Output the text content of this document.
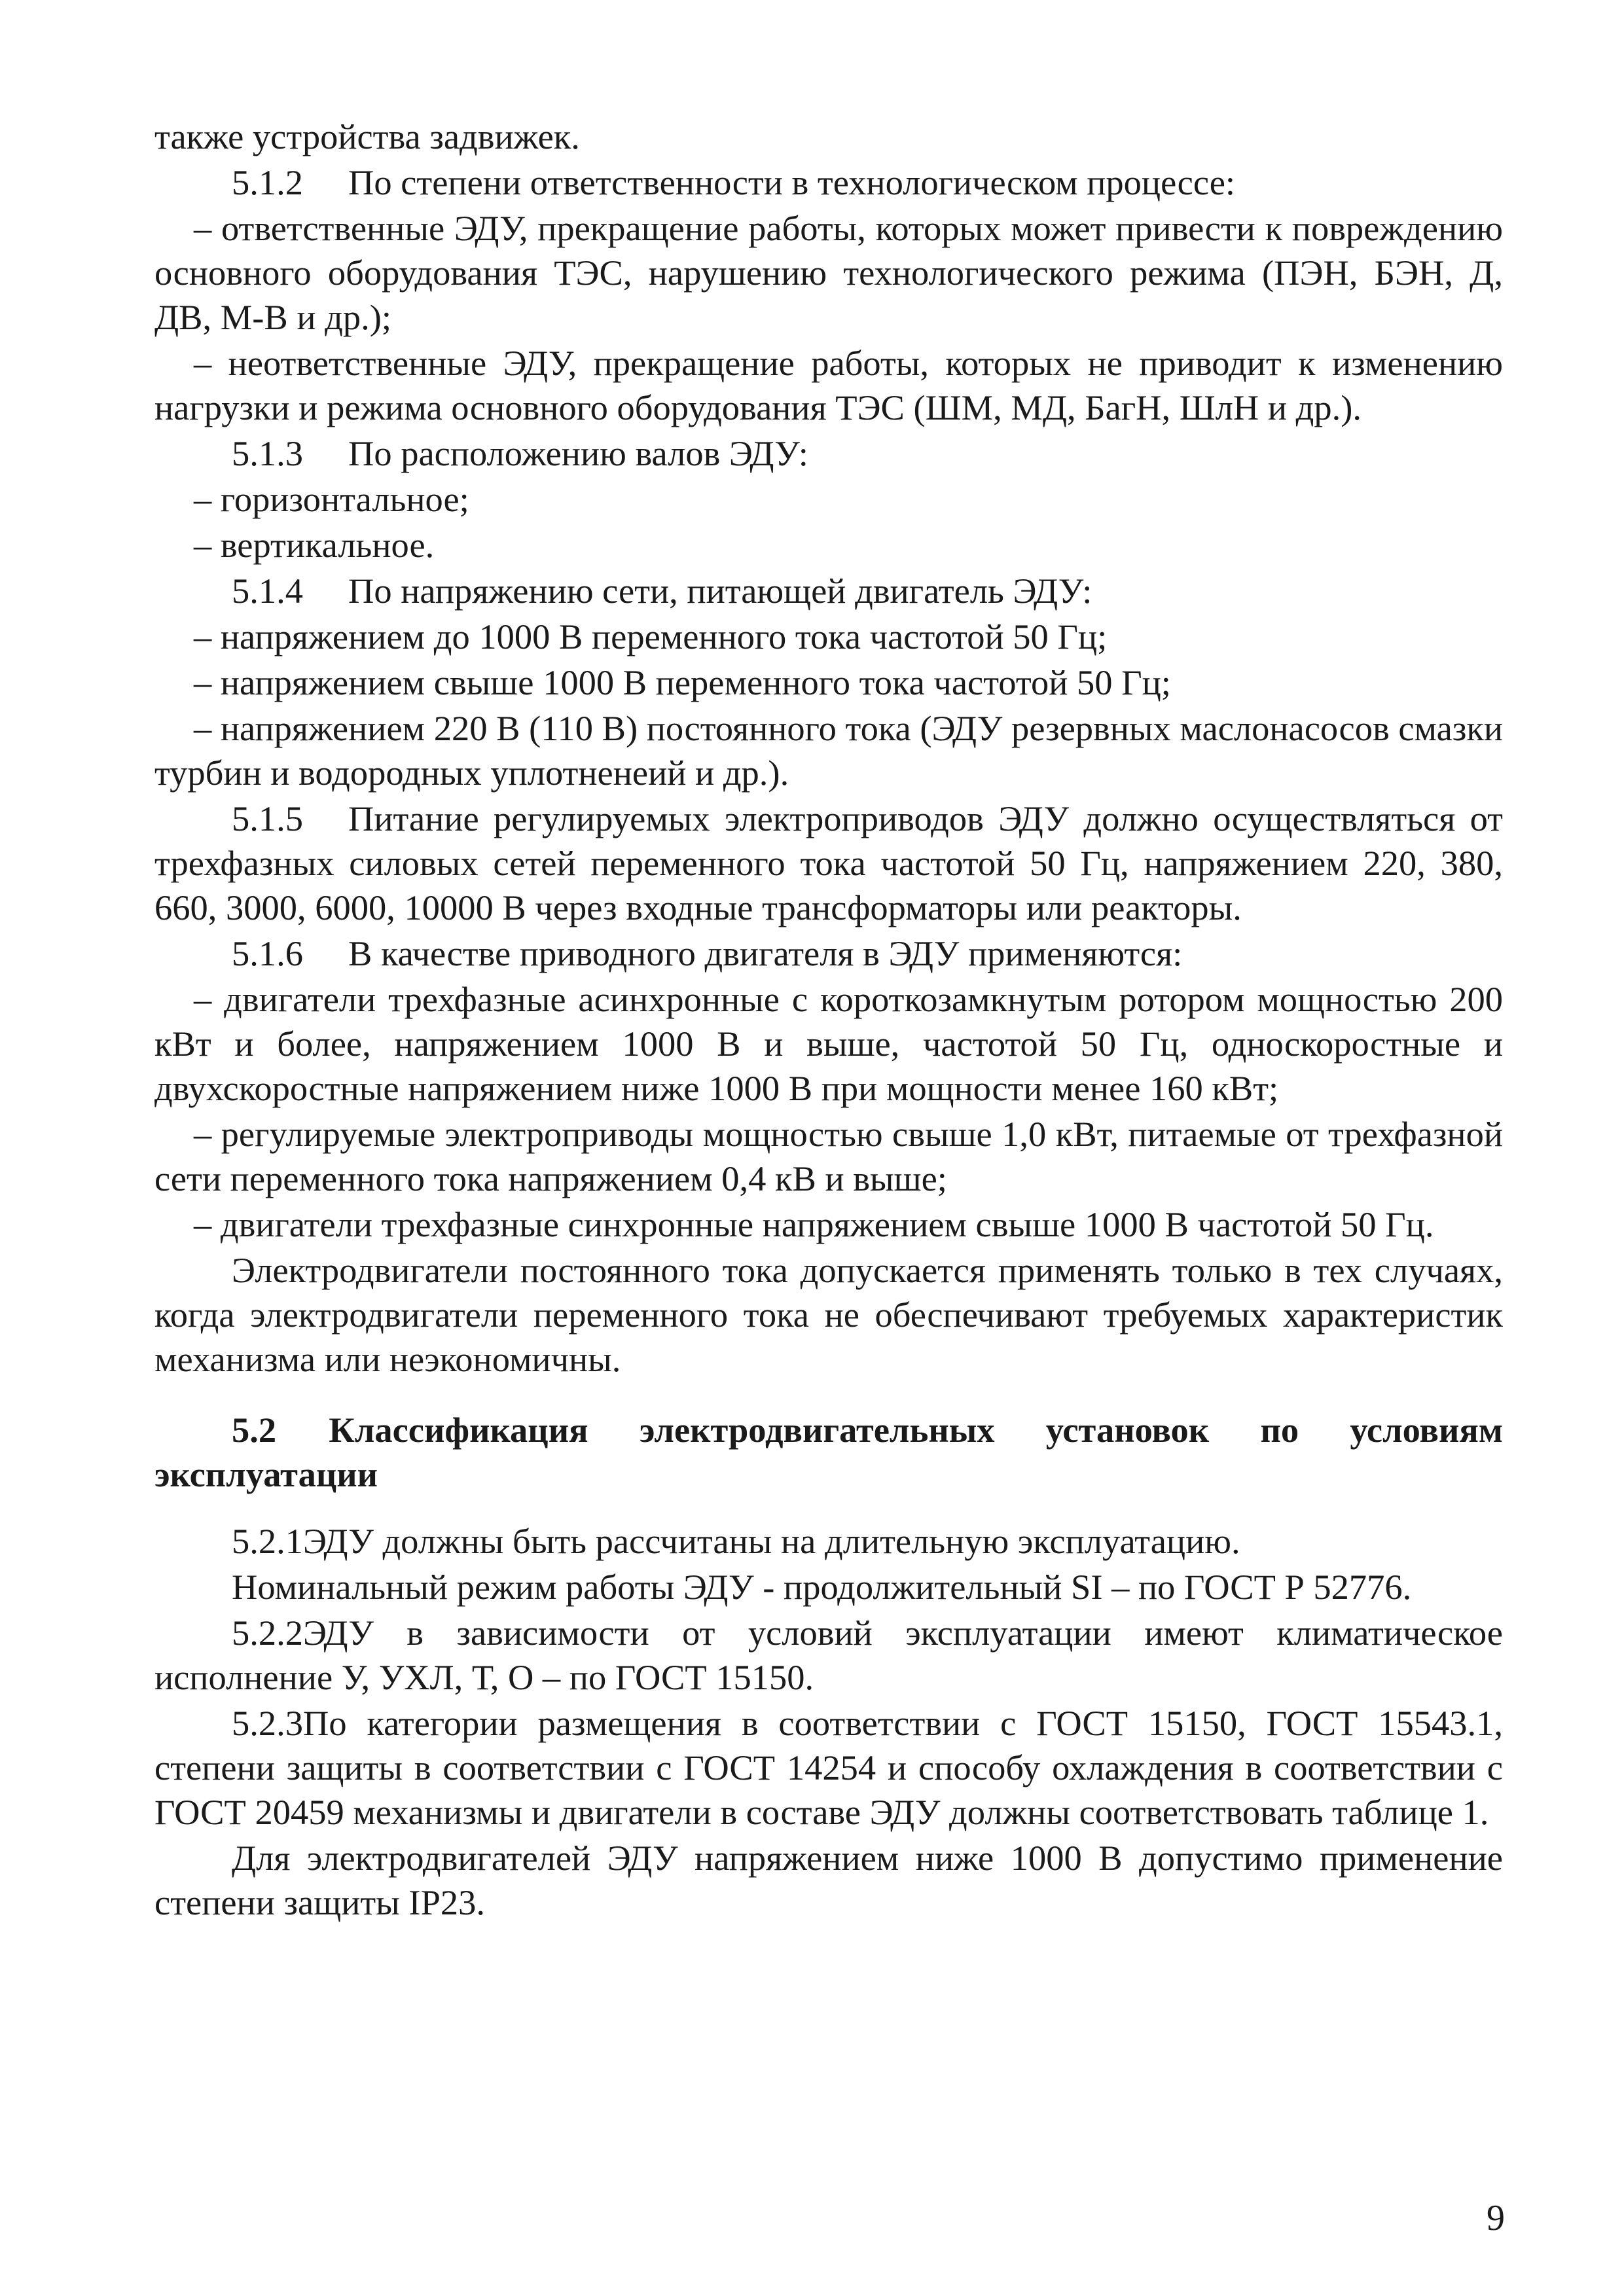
также устройства задвижек.

5.1.2 По степени ответственности в технологическом процессе:

– ответственные ЭДУ, прекращение работы, которых может привести к повреждению основного оборудования ТЭС, нарушению технологического режима (ПЭН, БЭН, Д, ДВ, М-В и др.);

– неответственные ЭДУ, прекращение работы, которых не приводит к изменению нагрузки и режима основного оборудования ТЭС (ШМ, МД, БагН, ШлН и др.).

5.1.3 По расположению валов ЭДУ:

– горизонтальное;

– вертикальное.

5.1.4 По напряжению сети, питающей двигатель ЭДУ:

– напряжением до 1000 В переменного тока частотой 50 Гц;

– напряжением свыше 1000 В переменного тока частотой 50 Гц;

– напряжением 220 В (110 В) постоянного тока (ЭДУ резервных маслонасосов смазки турбин и водородных уплотненеий и др.).

5.1.5 Питание регулируемых электроприводов ЭДУ должно осуществляться от трехфазных силовых сетей переменного тока частотой 50 Гц, напряжением 220, 380, 660, 3000, 6000, 10000 В через входные трансформаторы или реакторы.

5.1.6 В качестве приводного двигателя в ЭДУ применяются:

– двигатели трехфазные асинхронные с короткозамкнутым ротором мощностью 200 кВт и более, напряжением 1000 В и выше, частотой 50 Гц, односкоростные и двухскоростные напряжением ниже 1000 В при мощности менее 160 кВт;

– регулируемые электроприводы мощностью свыше 1,0 кВт, питаемые от трехфазной сети переменного тока напряжением 0,4 кВ и выше;

– двигатели трехфазные синхронные напряжением свыше 1000 В частотой 50 Гц.

Электродвигатели постоянного тока допускается применять только в тех случаях, когда электродвигатели переменного тока не обеспечивают требуемых характеристик механизма или неэкономичны.

5.2 Классификация электродвигательных установок по условиям эксплуатации

5.2.1ЭДУ должны быть рассчитаны на длительную эксплуатацию.

Номинальный режим работы ЭДУ - продолжительный SI – по ГОСТ Р 52776.

5.2.2ЭДУ в зависимости от условий эксплуатации имеют климатическое исполнение У, УХЛ, Т, О – по ГОСТ 15150.

5.2.3По категории размещения в соответствии с ГОСТ 15150, ГОСТ 15543.1, степени защиты в соответствии с ГОСТ 14254 и способу охлаждения в соответствии с ГОСТ 20459 механизмы и двигатели в составе ЭДУ должны соответствовать таблице 1.

Для электродвигателей ЭДУ напряжением ниже 1000 В допустимо применение степени защиты IP23.

9
